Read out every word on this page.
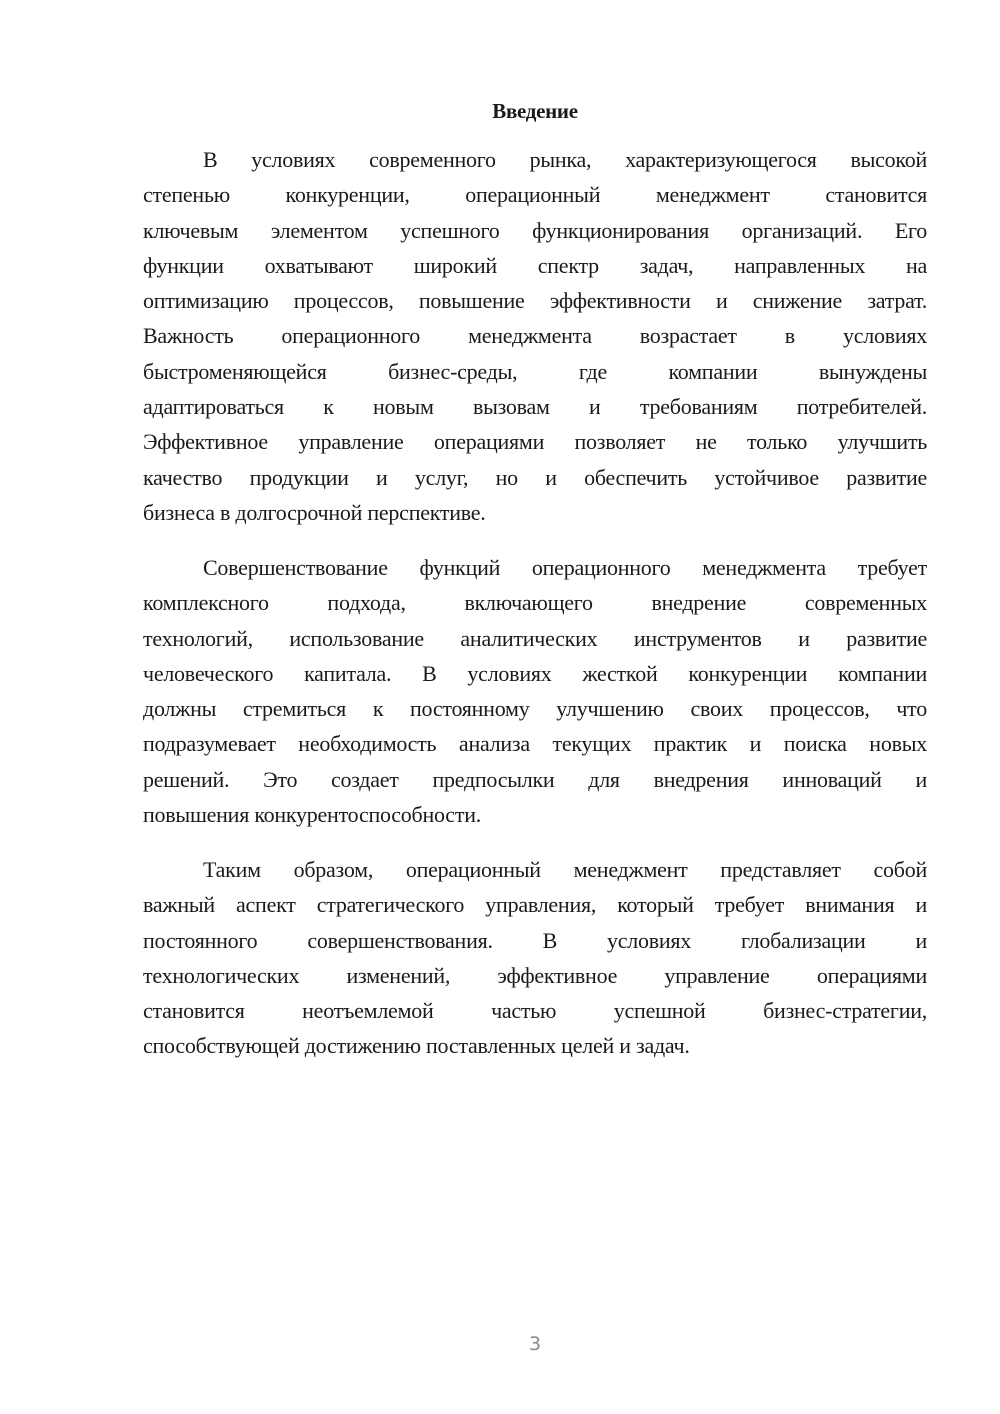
Введение
В условиях современного рынка, характеризующегося высокой
степенью конкуренции, операционный менеджмент становится
ключевым элементом успешного функционирования организаций. Его
функции охватывают широкий спектр задач, направленных на
оптимизацию процессов, повышение эффективности и снижение затрат.
Важность операционного менеджмента возрастает в условиях
быстроменяющейся бизнес-среды, где компании вынуждены
адаптироваться к новым вызовам и требованиям потребителей.
Эффективное управление операциями позволяет не только улучшить
качество продукции и услуг, но и обеспечить устойчивое развитие
бизнеса в долгосрочной перспективе.
Совершенствование функций операционного менеджмента требует
комплексного подхода, включающего внедрение современных
технологий, использование аналитических инструментов и развитие
человеческого капитала. В условиях жесткой конкуренции компании
должны стремиться к постоянному улучшению своих процессов, что
подразумевает необходимость анализа текущих практик и поиска новых
решений. Это создает предпосылки для внедрения инноваций и
повышения конкурентоспособности.
Таким образом, операционный менеджмент представляет собой
важный аспект стратегического управления, который требует внимания и
постоянного совершенствования. В условиях глобализации и
технологических изменений, эффективное управление операциями
становится неотъемлемой частью успешной бизнес-стратегии,
способствующей достижению поставленных целей и задач.
3
